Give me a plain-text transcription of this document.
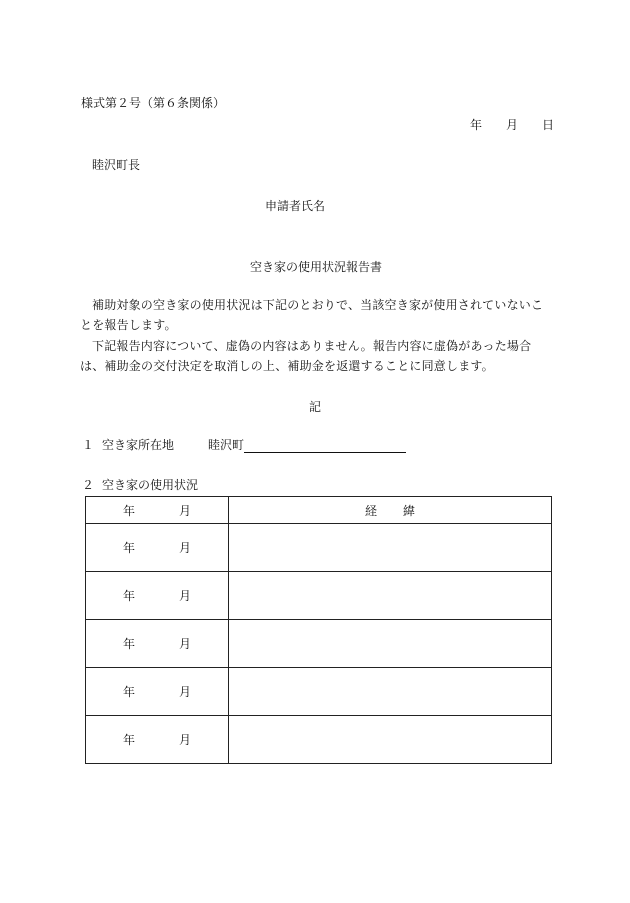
様式第２号（第６条関係）
年 月 日
睦沢町長
申請者氏名
空き家の使用状況報告書
補助対象の空き家の使用状況は下記のとおりで、当該空き家が使用されていないことを報告します。
下記報告内容について、虚偽の内容はありません。報告内容に虚偽があった場合は、補助金の交付決定を取消しの上、補助金を返還することに同意します。
記
１ 空き家所在地	睦沢町
２ 空き家の使用状況
年 月	経 緯
年 月	
年 月	
年 月	
年 月	
年 月	
